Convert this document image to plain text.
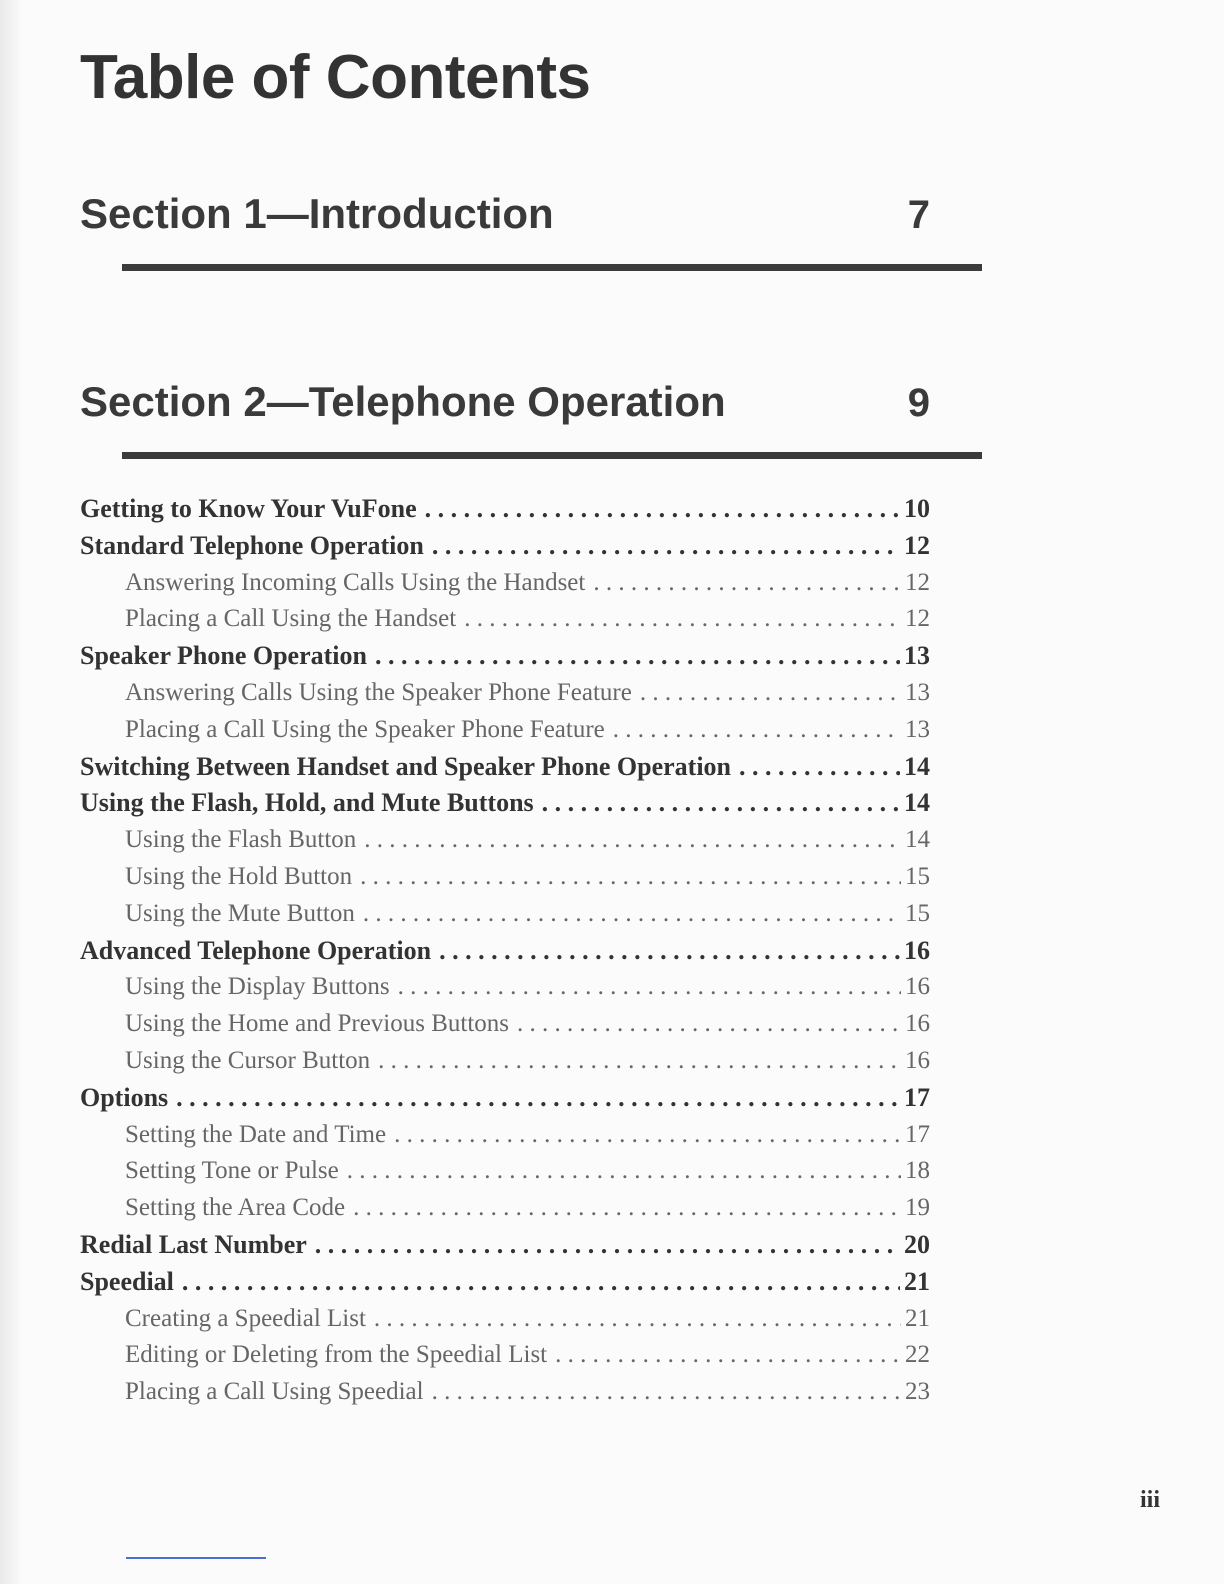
Table of Contents
Section 1—Introduction	7
Section 2—Telephone Operation	9
Getting to Know Your VuFone . . .	10
Standard Telephone Operation . . .	12
Answering Incoming Calls Using the Handset . . .	12
Placing a Call Using the Handset . . .	12
Speaker Phone Operation . . .	13
Answering Calls Using the Speaker Phone Feature . . .	13
Placing a Call Using the Speaker Phone Feature . . .	13
Switching Between Handset and Speaker Phone Operation . . .	14
Using the Flash, Hold, and Mute Buttons . . .	14
Using the Flash Button . . .	14
Using the Hold Button . . .	15
Using the Mute Button . . .	15
Advanced Telephone Operation . . .	16
Using the Display Buttons . . .	16
Using the Home and Previous Buttons . . .	16
Using the Cursor Button . . .	16
Options . . .	17
Setting the Date and Time . . .	17
Setting Tone or Pulse . . .	18
Setting the Area Code . . .	19
Redial Last Number . . .	20
Speedial . . .	21
Creating a Speedial List . . .	21
Editing or Deleting from the Speedial List . . .	22
Placing a Call Using Speedial . . .	23
iii
